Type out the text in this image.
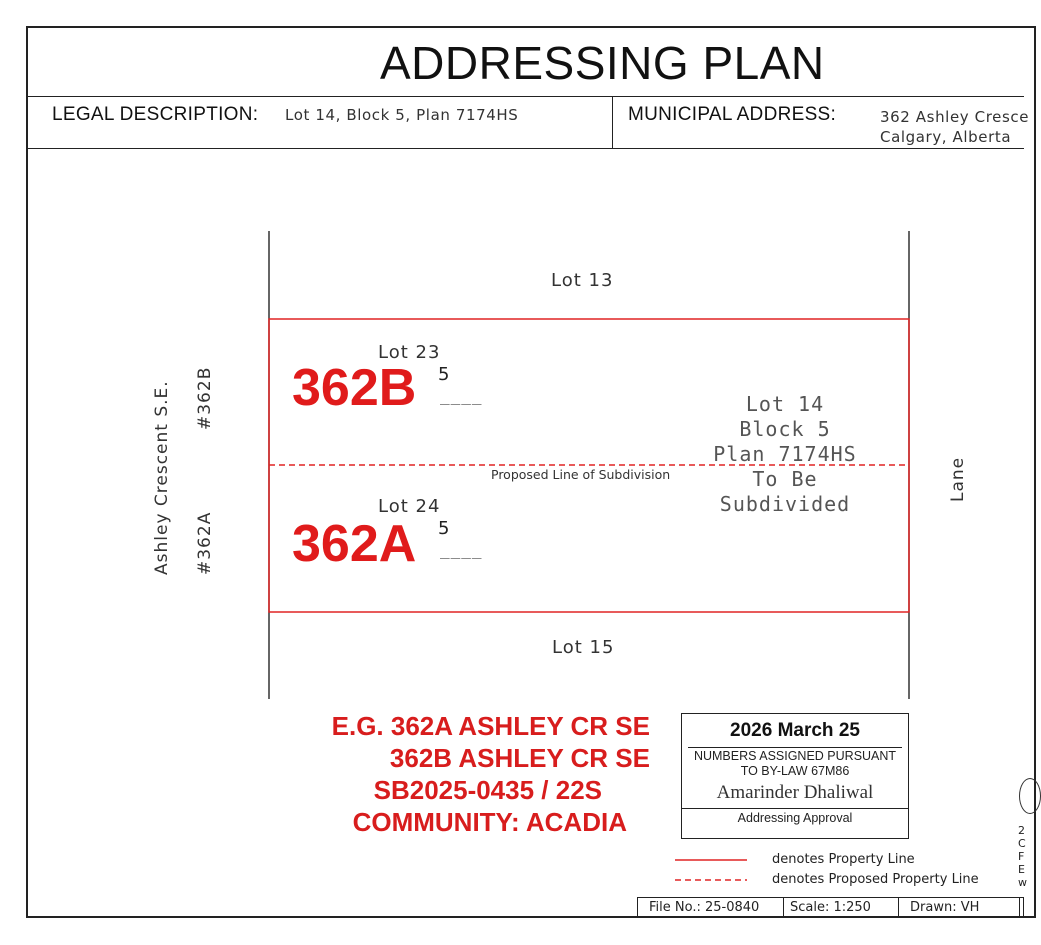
ADDRESSING PLAN
LEGAL DESCRIPTION: Lot 14, Block 5, Plan 7174HS	MUNICIPAL ADDRESS:	362 Ashley Cresce
Calgary, Alberta
Lot 13
Lot 15
Lot 23
Lot 24
362B
362A
5
5
____
____
Lot 14
Block 5
Plan 7174HS
To Be
Subdivided
Proposed Line of Subdivision
Ashley Crescent S.E. #362B
#362A
Lane
E.G. 362A ASHLEY CR SE
362B ASHLEY CR SE
SB2025-0435 / 22S
COMMUNITY: ACADIA
2026 March 25
NUMBERS ASSIGNED PURSUANT
TO BY-LAW 67M86
Amarinder Dhaliwal
Addressing Approval
denotes Property Line
denotes Proposed Property Line
2
C
F
E
w
File No.: 25-0840 Scale: 1:250	Drawn: VH
